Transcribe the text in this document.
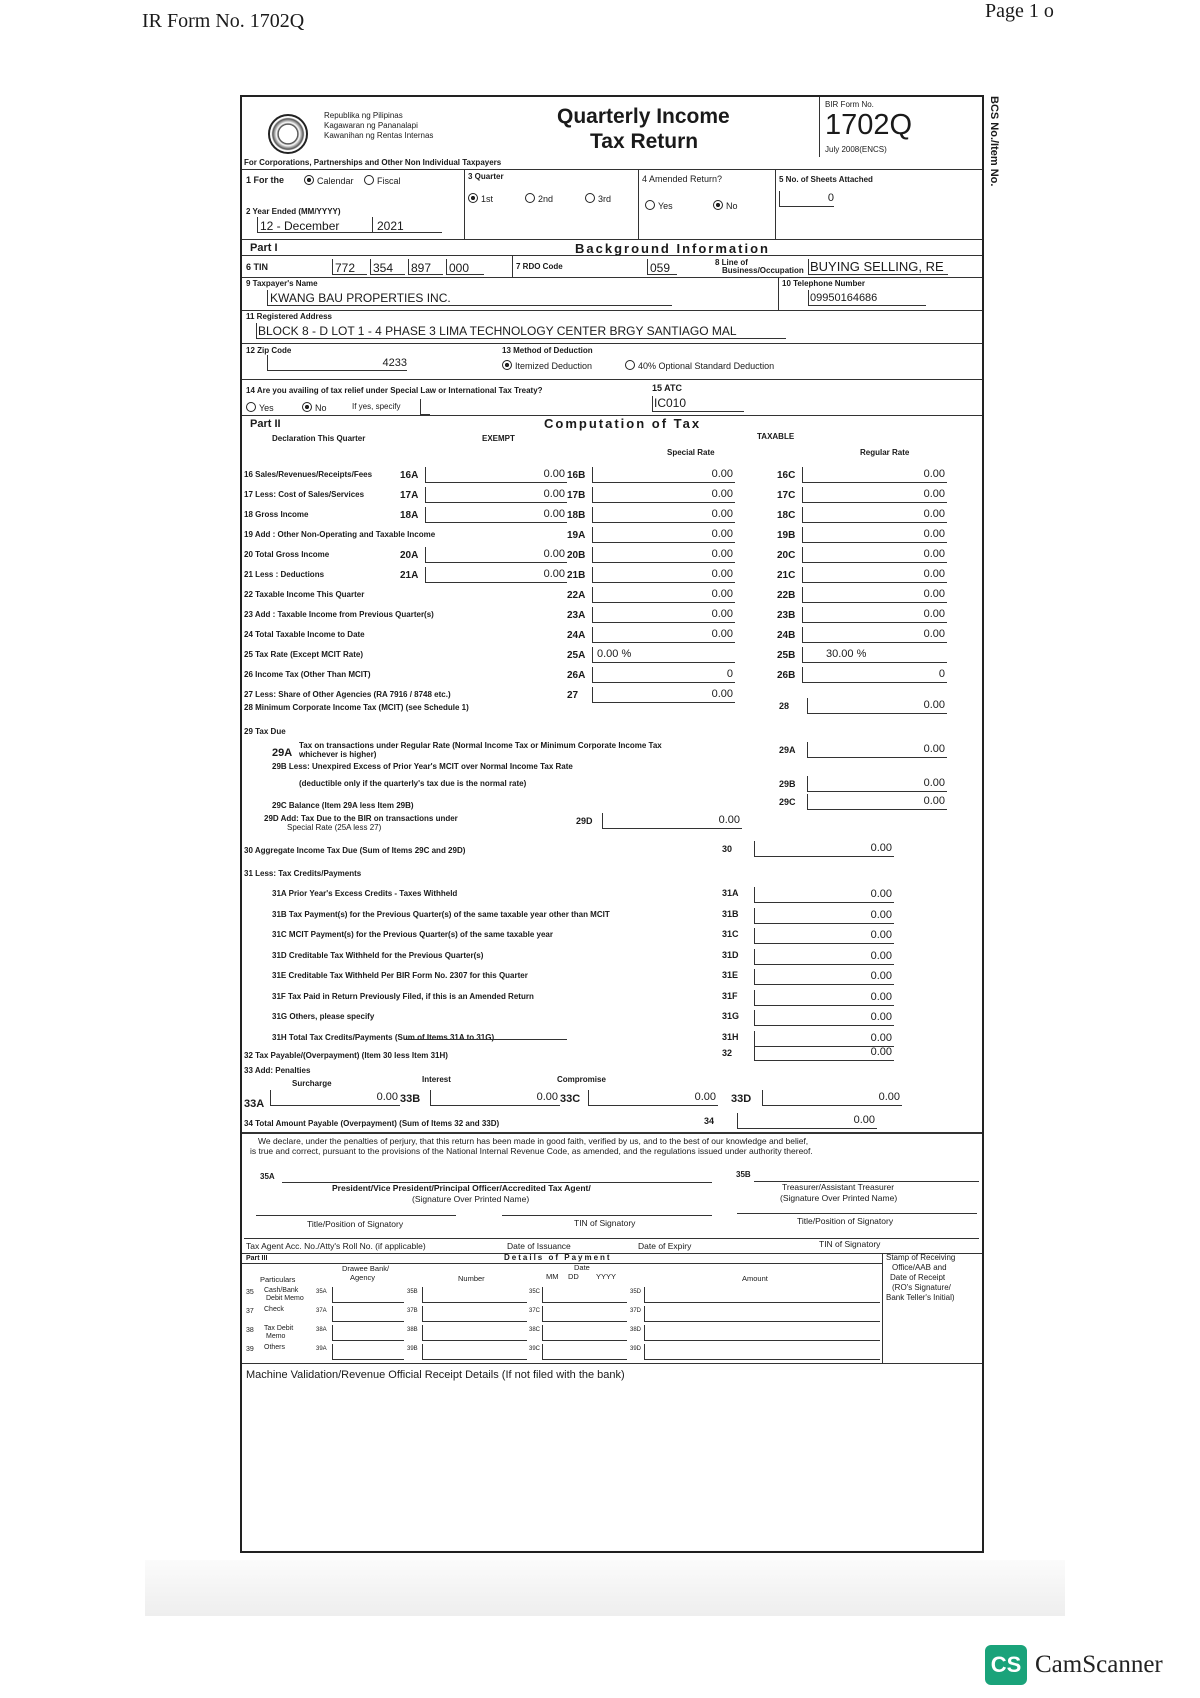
IR Form No. 1702Q	Page 1 o
BCS No./Item No.
Republika ng Pilipinas
Kagawaran ng Pananalapi
Kawanihan ng Rentas Internas
Quarterly Income
Tax Return
BIR Form No.
1702Q
July 2008(ENCS)
For Corporations, Partnerships and Other Non Individual Taxpayers
1 For the	Calendar	Fiscal
2 Year Ended (MM/YYYY)
12 - December	2021
3 Quarter
1st	2nd	3rd
4 Amended Return?
Yes	No
5 No. of Sheets Attached
0
Part I	Background Information
6 TIN	772 354 897 000	7 RDO Code	059	8 Line of
Business/Occupation BUYING SELLING, RE
9 Taxpayer's Name
KWANG BAU PROPERTIES INC.
10 Telephone Number
09950164686
11 Registered Address
BLOCK 8 - D LOT 1 - 4 PHASE 3 LIMA TECHNOLOGY CENTER BRGY SANTIAGO MAL
12 Zip Code
4233
13 Method of Deduction
Itemized Deduction	40% Optional Standard Deduction
14 Are you availing of tax relief under Special Law or International Tax Treaty?
Yes	No	If yes, specify
15 ATC
IC010
Part II	Computation of Tax
Declaration This Quarter	EXEMPT	TAXABLE
Special Rate	Regular Rate
16 Sales/Revenues/Receipts/Fees	16A	0.00 16B	0.00	16C	0.00
17 Less: Cost of Sales/Services	17A	0.00 17B	0.00	17C	0.00
18 Gross Income	18A	0.00 18B	0.00	18C	0.00
19 Add : Other Non-Operating and Taxable Income	19A	0.00	19B	0.00
20 Total Gross Income	20A	0.00 20B	0.00	20C	0.00
21 Less : Deductions	21A	0.00 21B	0.00	21C	0.00
22 Taxable Income This Quarter	22A	0.00	22B	0.00
23 Add : Taxable Income from Previous Quarter(s)	23A	0.00	23B	0.00
24 Total Taxable Income to Date	24A	0.00	24B	0.00
25 Tax Rate (Except MCIT Rate)	25A 0.00 %	25B	30.00 %
26 Income Tax (Other Than MCIT)	26A	0	26B	0
27 Less: Share of Other Agencies (RA 7916 / 8748 etc.)	27	0.00
28 Minimum Corporate Income Tax (MCIT) (see Schedule 1)	28	0.00
29 Tax Due
29A
Tax on transactions under Regular Rate (Normal Income Tax or Minimum Corporate Income Tax
whichever is higher)	29A	0.00
29B Less: Unexpired Excess of Prior Year's MCIT over Normal Income Tax Rate
(deductible only if the quarterly's tax due is the normal rate)	29B	0.00
29C Balance (Item 29A less Item 29B)	29C	0.00
29D Add: Tax Due to the BIR on transactions under
Special Rate (25A less 27)
29D	0.00
30 Aggregate Income Tax Due (Sum of Items 29C and 29D)	30	0.00
31 Less: Tax Credits/Payments
31A Prior Year's Excess Credits - Taxes Withheld	31A	0.00
31B Tax Payment(s) for the Previous Quarter(s) of the same taxable year other than MCIT	31B	0.00
31C MCIT Payment(s) for the Previous Quarter(s) of the same taxable year	31C	0.00
31D Creditable Tax Withheld for the Previous Quarter(s)	31D	0.00
31E Creditable Tax Withheld Per BIR Form No. 2307 for this Quarter	31E	0.00
31F Tax Paid in Return Previously Filed, if this is an Amended Return	31F	0.00
31G Others, please specify	31G	0.00
31H Total Tax Credits/Payments (Sum of Items 31A to 31G)	31H	0.00
32 Tax Payable/(Overpayment) (Item 30 less Item 31H)	32	0.00
33 Add: Penalties
Surcharge	Interest	Compromise
33A
0.00 33B	0.00 33C	0.00 33D	0.00
34 Total Amount Payable (Overpayment) (Sum of Items 32 and 33D)	34	0.00
We declare, under the penalties of perjury, that this return has been made in good faith, verified by us, and to the best of our knowledge and belief,
is true and correct, pursuant to the provisions of the National Internal Revenue Code, as amended, and the regulations issued under authority thereof.
35A
President/Vice President/Principal Officer/Accredited Tax Agent/
(Signature Over Printed Name)
35B
Treasurer/Assistant Treasurer
(Signature Over Printed Name)
Title/Position of Signatory	TIN of Signatory	Title/Position of Signatory
Tax Agent Acc. No./Atty's Roll No. (if applicable)	Date of Issuance	Date of Expiry	TIN of Signatory
Part III	Details of Payment	Stamp of Receiving
Office/AAB and
Date of Receipt
(RO's Signature/
Bank Teller's Initial)
Particulars
Drawee Bank/
Agency	Number
Date
MM DD YYYY	Amount
35 Cash/Bank
Debit Memo
35A	35B	35C	35D
37 Check	37A	37B	37C	37D
38 Tax Debit
Memo
38A	38B	38C	38D
39 Others	39A	39B	39C	39D
Machine Validation/Revenue Official Receipt Details (If not filed with the bank)
CS CamScanner
